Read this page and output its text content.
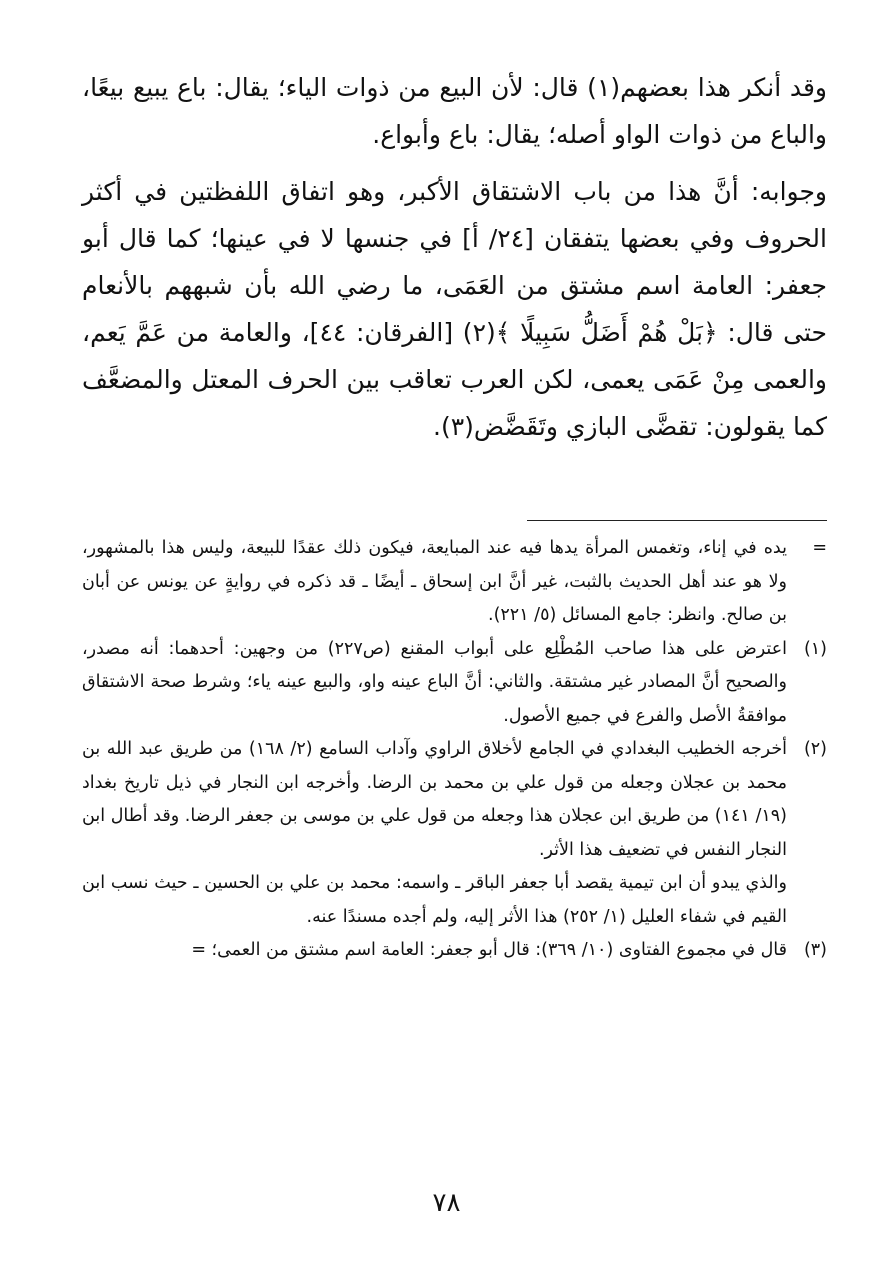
وقد أنكر هذا بعضهم(١) قال: لأن البيع من ذوات الياء؛ يقال: باع يبيع بيعًا، والباع من ذوات الواو أصله؛ يقال: باع وأبواع.

وجوابه: أنَّ هذا من باب الاشتقاق الأكبر، وهو اتفاق اللفظتين في أكثر الحروف وفي بعضها يتفقان [٢٤/ أ] في جنسها لا في عينها؛ كما قال أبو جعفر: العامة اسم مشتق من العَمَى، ما رضي الله بأن شبههم بالأنعام حتى قال: ﴿بَلْ هُمْ أَضَلُّ سَبِيلًا ﴾(٢) [الفرقان: ٤٤]، والعامة من عَمَّ يَعم، والعمى مِنْ عَمَى يعمى، لكن العرب تعاقب بين الحرف المعتل والمضعَّف كما يقولون: تقضَّى البازي وتَقَضَّض(٣).

=

يده في إناء، وتغمس المرأة يدها فيه عند المبايعة، فيكون ذلك عقدًا للبيعة، وليس هذا بالمشهور، ولا هو عند أهل الحديث بالثبت، غير أنَّ ابن إسحاق ـ أيضًا ـ قد ذكره في روايةٍ عن يونس عن أبان بن صالح. وانظر: جامع المسائل (٥/ ٢٢١).

(١)

اعترض على هذا صاحب المُطْلِع على أبواب المقنع (ص٢٢٧) من وجهين: أحدهما: أنه مصدر، والصحيح أنَّ المصادر غير مشتقة. والثاني: أنَّ الباع عينه واو، والبيع عينه ياء؛ وشرط صحة الاشتقاق موافقةُ الأصل والفرع في جميع الأصول.

(٢)

أخرجه الخطيب البغدادي في الجامع لأخلاق الراوي وآداب السامع (٢/ ١٦٨) من طريق عبد الله بن محمد بن عجلان وجعله من قول علي بن محمد بن الرضا. وأخرجه ابن النجار في ذيل تاريخ بغداد (١٩/ ١٤١) من طريق ابن عجلان هذا وجعله من قول علي بن موسى بن جعفر الرضا. وقد أطال ابن النجار النفس في تضعيف هذا الأثر.

والذي يبدو أن ابن تيمية يقصد أبا جعفر الباقر ـ واسمه: محمد بن علي بن الحسين ـ حيث نسب ابن القيم في شفاء العليل (١/ ٢٥٢) هذا الأثر إليه، ولم أجده مسندًا عنه.

(٣)

قال في مجموع الفتاوى (١٠/ ٣٦٩): قال أبو جعفر: العامة اسم مشتق من العمى؛ =

٧٨
